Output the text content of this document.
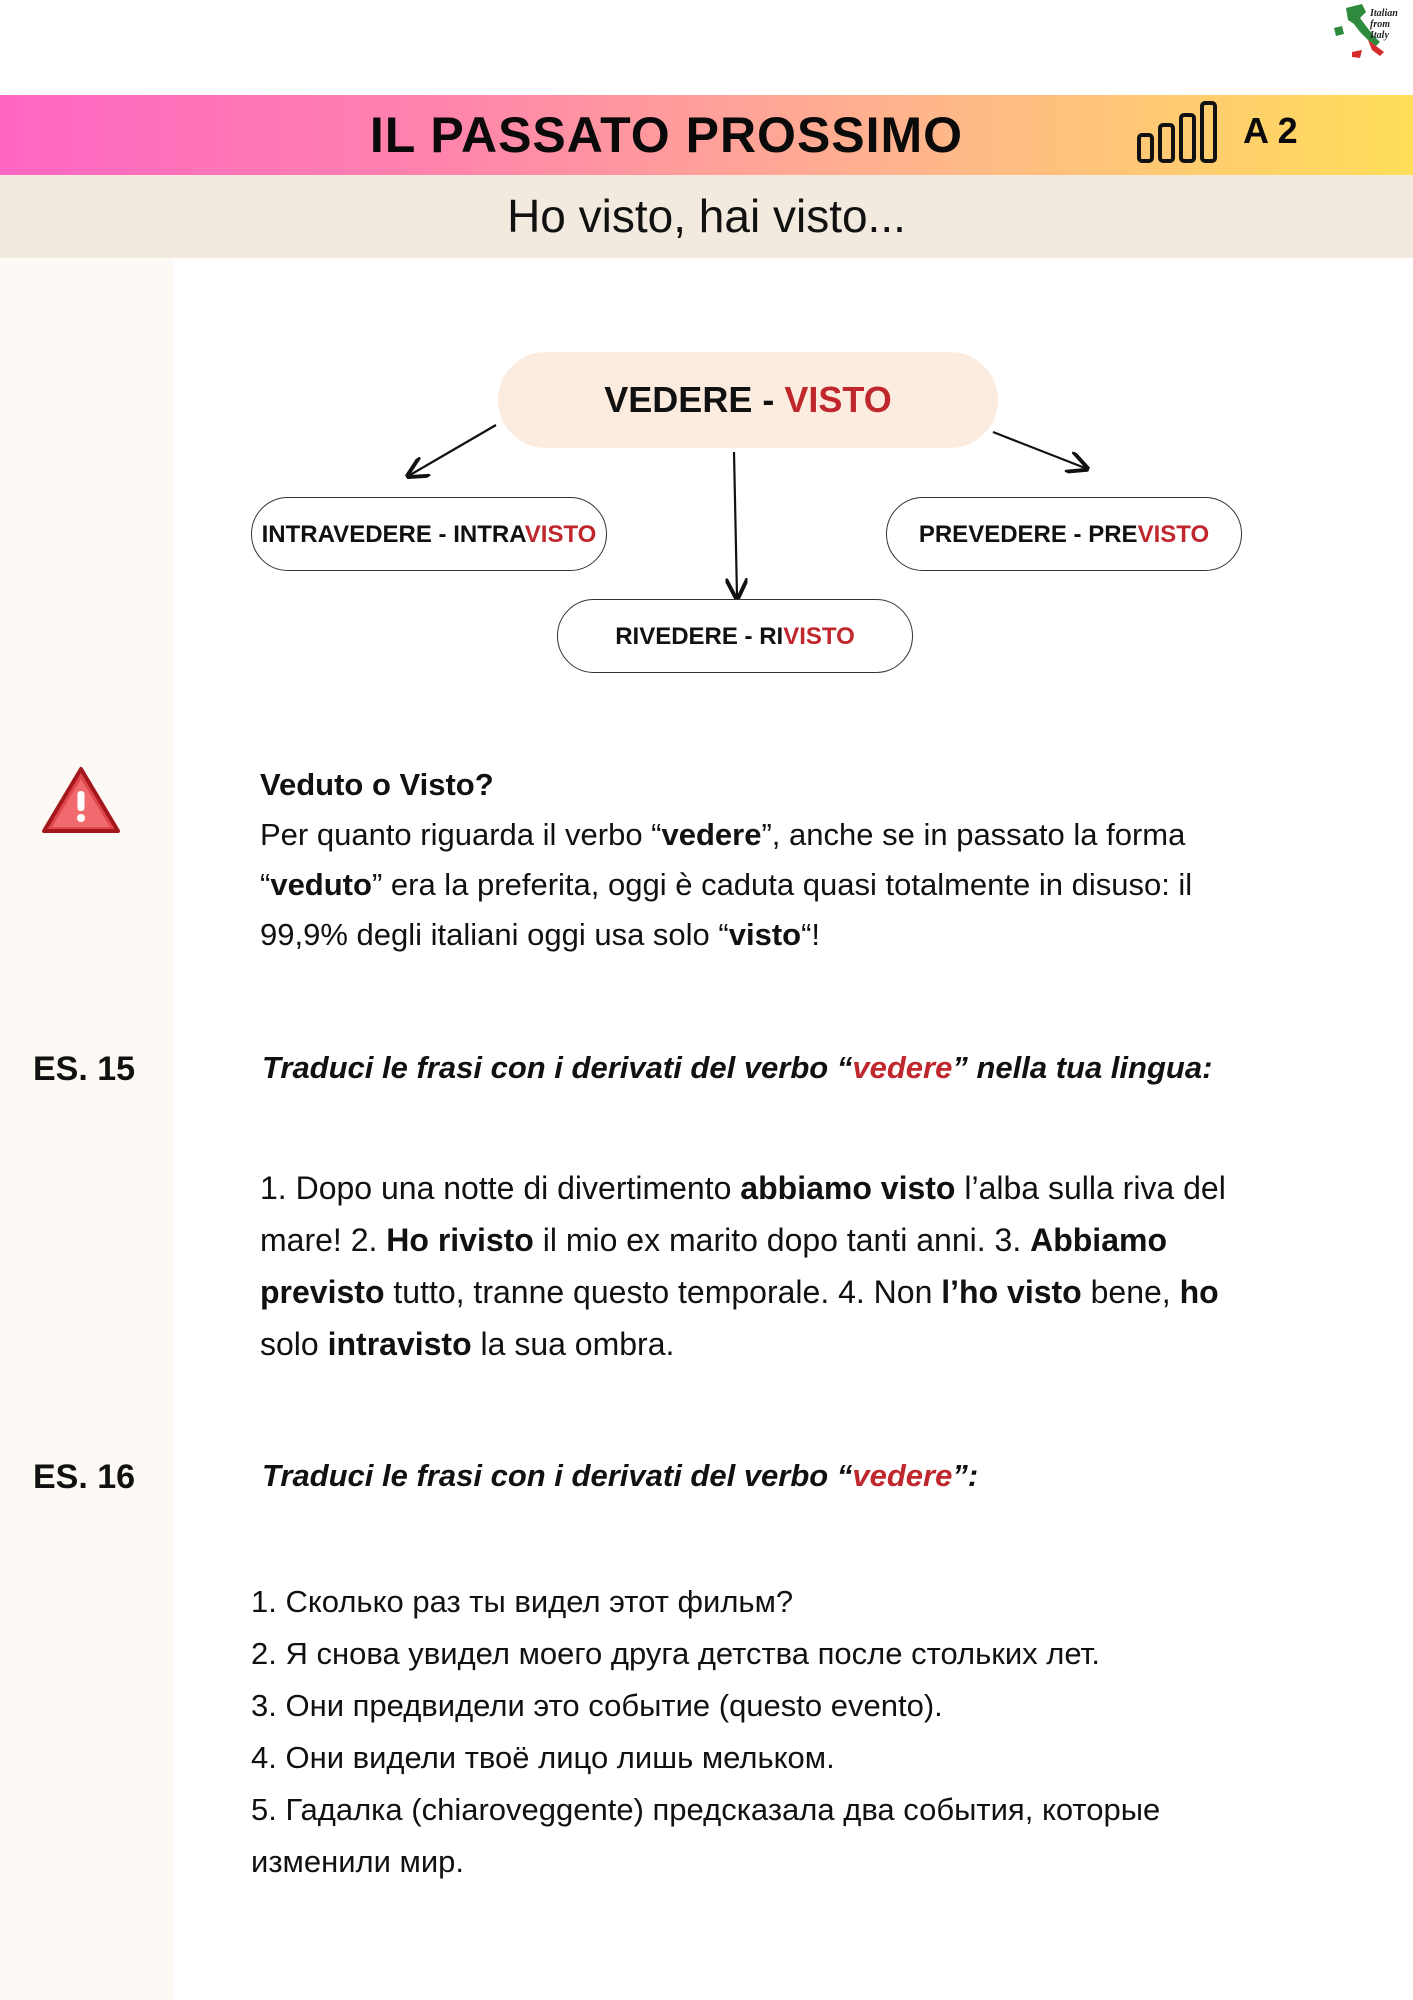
Italian
from
Italy
IL PASSATO PROSSIMO	A 2
Ho visto, hai visto...
VEDERE - VISTO
INTRAVEDERE - INTRAVISTO	PREVEDERE - PREVISTO
RIVEDERE - RIVISTO
Veduto o Visto?
Per quanto riguarda il verbo “vedere”, anche se in passato la forma “veduto” era la preferita, oggi è caduta quasi totalmente in disuso: il 99,9% degli italiani oggi usa solo “visto“!
ES. 15	Traduci le frasi con i derivati del verbo “vedere” nella tua lingua:
1. Dopo una notte di divertimento abbiamo visto l’alba sulla riva del mare! 2. Ho rivisto il mio ex marito dopo tanti anni. 3. Abbiamo previsto tutto, tranne questo temporale. 4. Non l’ho visto bene, ho solo intravisto la sua ombra.
ES. 16	Traduci le frasi con i derivati del verbo “vedere”:
1. Сколько раз ты видел этот фильм?
2. Я снова увидел моего друга детства после стольких лет.
3. Они предвидели это событие (questo evento).
4. Они видели твоё лицо лишь мельком.
5. Гадалка (chiaroveggente) предсказала два события, которые изменили мир.
